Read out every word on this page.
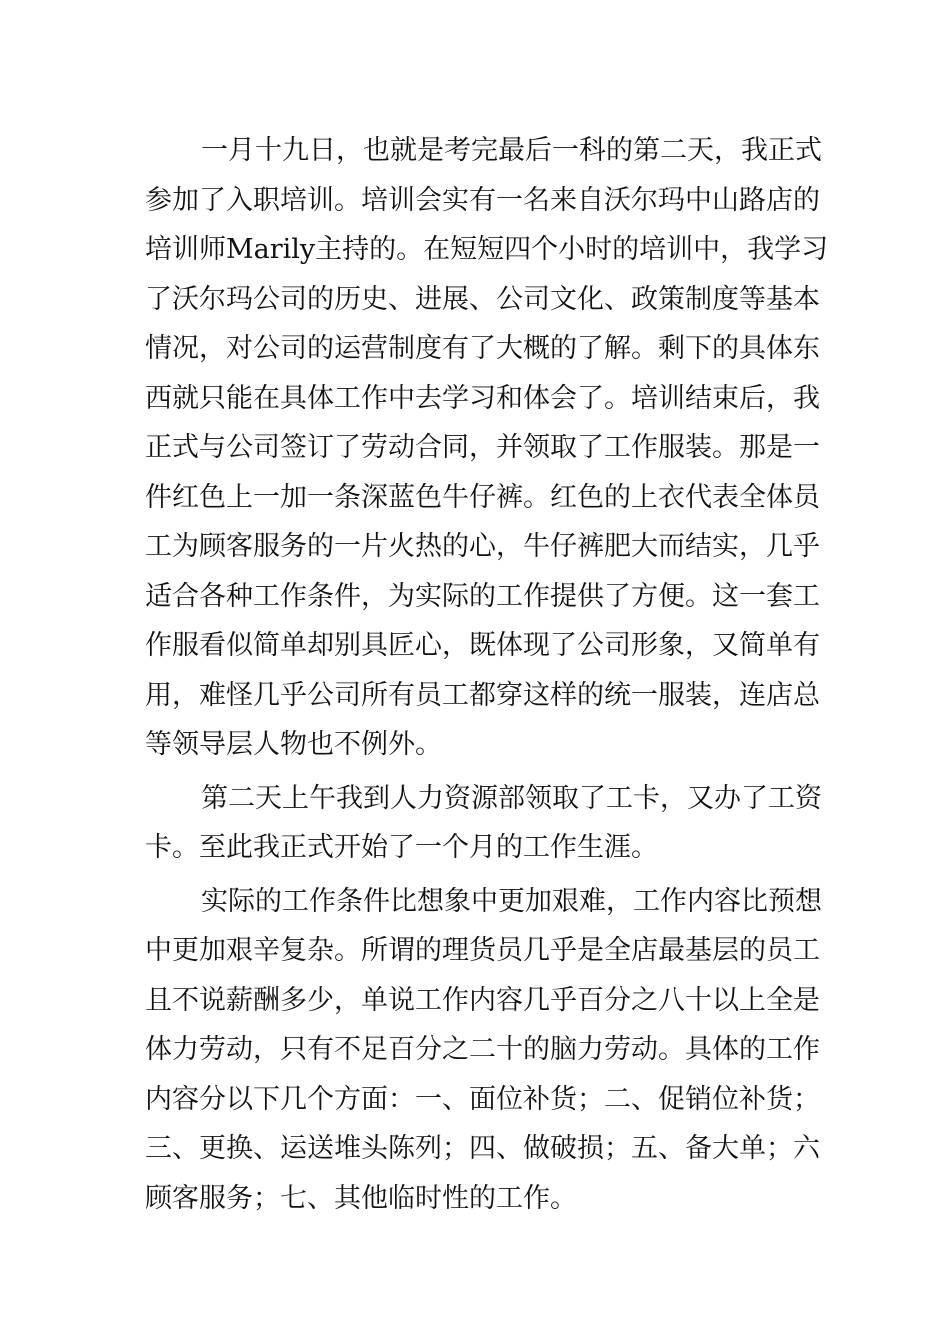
一月十九日，也就是考完最后一科的第二天，我正式
参加了入职培训。培训会实有一名来自沃尔玛中山路店的
培训师Marily主持的。在短短四个小时的培训中，我学习
了沃尔玛公司的历史、进展、公司文化、政策制度等基本
情况，对公司的运营制度有了大概的了解。剩下的具体东
西就只能在具体工作中去学习和体会了。培训结束后，我
正式与公司签订了劳动合同，并领取了工作服装。那是一
件红色上一加一条深蓝色牛仔裤。红色的上衣代表全体员
工为顾客服务的一片火热的心，牛仔裤肥大而结实，几乎
适合各种工作条件，为实际的工作提供了方便。这一套工
作服看似简单却别具匠心，既体现了公司形象，又简单有
用，难怪几乎公司所有员工都穿这样的统一服装，连店总
等领导层人物也不例外。
第二天上午我到人力资源部领取了工卡，又办了工资
卡。至此我正式开始了一个月的工作生涯。
实际的工作条件比想象中更加艰难，工作内容比预想
中更加艰辛复杂。所谓的理货员几乎是全店最基层的员工
且不说薪酬多少，单说工作内容几乎百分之八十以上全是
体力劳动，只有不足百分之二十的脑力劳动。具体的工作
内容分以下几个方面：一、面位补货；二、促销位补货；
三、更换、运送堆头陈列；四、做破损；五、备大单；六
顾客服务；七、其他临时性的工作。
